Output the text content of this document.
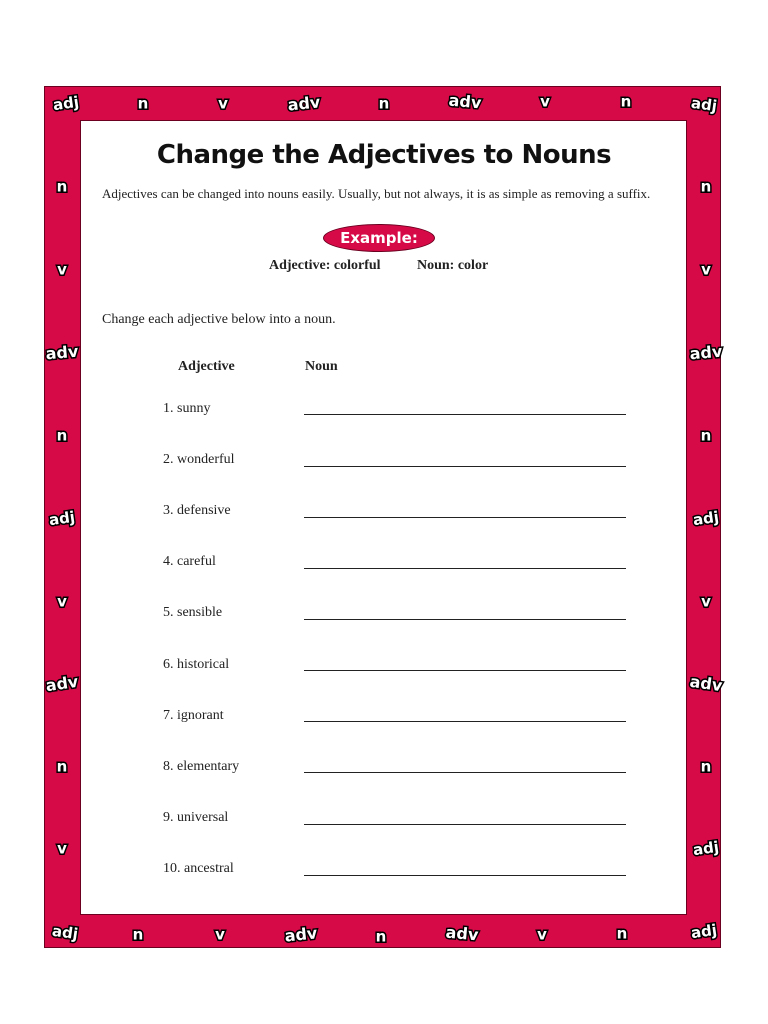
adj	n	v	adv	n	adv	v	n	adj
n
v
adv
n
adj
v
adv
n
v
n
v
adv
n
adj
v
adv
n
adj
n	v	adv	n	adv	v	n	adj
adj
Change the Adjectives to Nouns
Adjectives can be changed into nouns easily. Usually, but not always, it is as simple as removing a suffix.
Example:
Adjective: colorful	Noun: color
Change each adjective below into a noun.
Adjective	Noun
1. sunny
2. wonderful
3. defensive
4. careful
5. sensible
6. historical
7. ignorant
8. elementary
9. universal
10. ancestral
